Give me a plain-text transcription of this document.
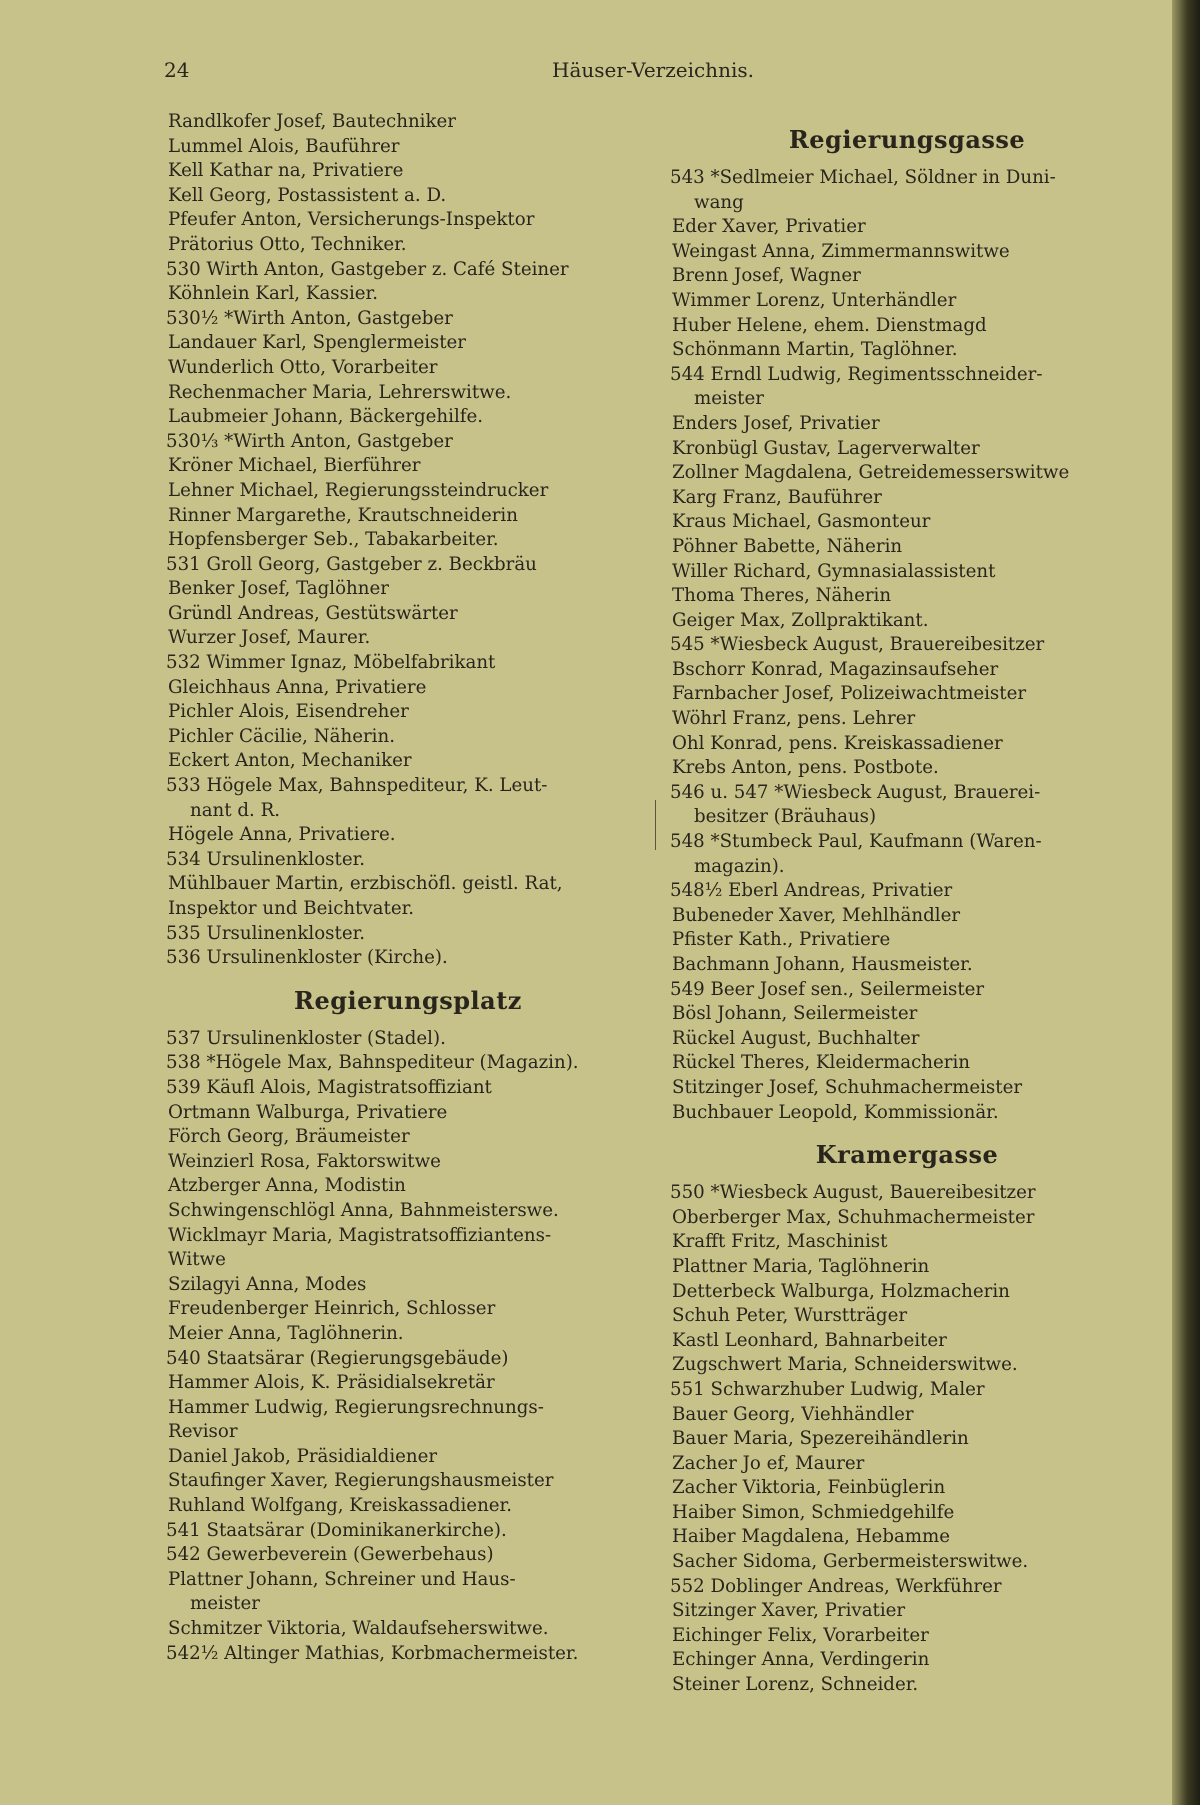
24	Häuser-Verzeichnis.
Randlkofer Josef, Bautechniker
Lummel Alois, Bauführer
Kell Kathar na, Privatiere
Kell Georg, Postassistent a. D.
Pfeufer Anton, Versicherungs-Inspektor
Prätorius Otto, Techniker.
530 Wirth Anton, Gastgeber z. Café Steiner
Köhnlein Karl, Kassier.
530½ *Wirth Anton, Gastgeber
Landauer Karl, Spenglermeister
Wunderlich Otto, Vorarbeiter
Rechenmacher Maria, Lehrerswitwe.
Laubmeier Johann, Bäckergehilfe.
530⅓ *Wirth Anton, Gastgeber
Kröner Michael, Bierführer
Lehner Michael, Regierungssteindrucker
Rinner Margarethe, Krautschneiderin
Hopfensberger Seb., Tabakarbeiter.
531 Groll Georg, Gastgeber z. Beckbräu
Benker Josef, Taglöhner
Gründl Andreas, Gestütswärter
Wurzer Josef, Maurer.
532 Wimmer Ignaz, Möbelfabrikant
Gleichhaus Anna, Privatiere
Pichler Alois, Eisendreher
Pichler Cäcilie, Näherin.
Eckert Anton, Mechaniker
533 Högele Max, Bahnspediteur, K. Leut-
nant d. R.
Högele Anna, Privatiere.
534 Ursulinenkloster.
Mühlbauer Martin, erzbischöfl. geistl. Rat,
Inspektor und Beichtvater.
535 Ursulinenkloster.
536 Ursulinenkloster (Kirche).
Regierungsplatz
537 Ursulinenkloster (Stadel).
538 *Högele Max, Bahnspediteur (Magazin).
539 Käufl Alois, Magistratsoffiziant
Ortmann Walburga, Privatiere
Förch Georg, Bräumeister
Weinzierl Rosa, Faktorswitwe
Atzberger Anna, Modistin
Schwingenschlögl Anna, Bahnmeisterswe.
Wicklmayr Maria, Magistratsoffiziantens-
Witwe
Szilagyi Anna, Modes
Freudenberger Heinrich, Schlosser
Meier Anna, Taglöhnerin.
540 Staatsärar (Regierungsgebäude)
Hammer Alois, K. Präsidialsekretär
Hammer Ludwig, Regierungsrechnungs-
Revisor
Daniel Jakob, Präsidialdiener
Staufinger Xaver, Regierungshausmeister
Ruhland Wolfgang, Kreiskassadiener.
541 Staatsärar (Dominikanerkirche).
542 Gewerbeverein (Gewerbehaus)
Plattner Johann, Schreiner und Haus-
meister
Schmitzer Viktoria, Waldaufseherswitwe.
542½ Altinger Mathias, Korbmachermeister.
Regierungsgasse
543 *Sedlmeier Michael, Söldner in Duni-
wang
Eder Xaver, Privatier
Weingast Anna, Zimmermannswitwe
Brenn Josef, Wagner
Wimmer Lorenz, Unterhändler
Huber Helene, ehem. Dienstmagd
Schönmann Martin, Taglöhner.
544 Erndl Ludwig, Regimentsschneider-
meister
Enders Josef, Privatier
Kronbügl Gustav, Lagerverwalter
Zollner Magdalena, Getreidemesserswitwe
Karg Franz, Bauführer
Kraus Michael, Gasmonteur
Pöhner Babette, Näherin
Willer Richard, Gymnasialassistent
Thoma Theres, Näherin
Geiger Max, Zollpraktikant.
545 *Wiesbeck August, Brauereibesitzer
Bschorr Konrad, Magazinsaufseher
Farnbacher Josef, Polizeiwachtmeister
Wöhrl Franz, pens. Lehrer
Ohl Konrad, pens. Kreiskassadiener
Krebs Anton, pens. Postbote.
546 u. 547 *Wiesbeck August, Brauerei-
besitzer (Bräuhaus)
548 *Stumbeck Paul, Kaufmann (Waren-
magazin).
548½ Eberl Andreas, Privatier
Bubeneder Xaver, Mehlhändler
Pfister Kath., Privatiere
Bachmann Johann, Hausmeister.
549 Beer Josef sen., Seilermeister
Bösl Johann, Seilermeister
Rückel August, Buchhalter
Rückel Theres, Kleidermacherin
Stitzinger Josef, Schuhmachermeister
Buchbauer Leopold, Kommissionär.
Kramergasse
550 *Wiesbeck August, Bauereibesitzer
Oberberger Max, Schuhmachermeister
Krafft Fritz, Maschinist
Plattner Maria, Taglöhnerin
Detterbeck Walburga, Holzmacherin
Schuh Peter, Wurstträger
Kastl Leonhard, Bahnarbeiter
Zugschwert Maria, Schneiderswitwe.
551 Schwarzhuber Ludwig, Maler
Bauer Georg, Viehhändler
Bauer Maria, Spezereihändlerin
Zacher Jo ef, Maurer
Zacher Viktoria, Feinbüglerin
Haiber Simon, Schmiedgehilfe
Haiber Magdalena, Hebamme
Sacher Sidoma, Gerbermeisterswitwe.
552 Doblinger Andreas, Werkführer
Sitzinger Xaver, Privatier
Eichinger Felix, Vorarbeiter
Echinger Anna, Verdingerin
Steiner Lorenz, Schneider.
